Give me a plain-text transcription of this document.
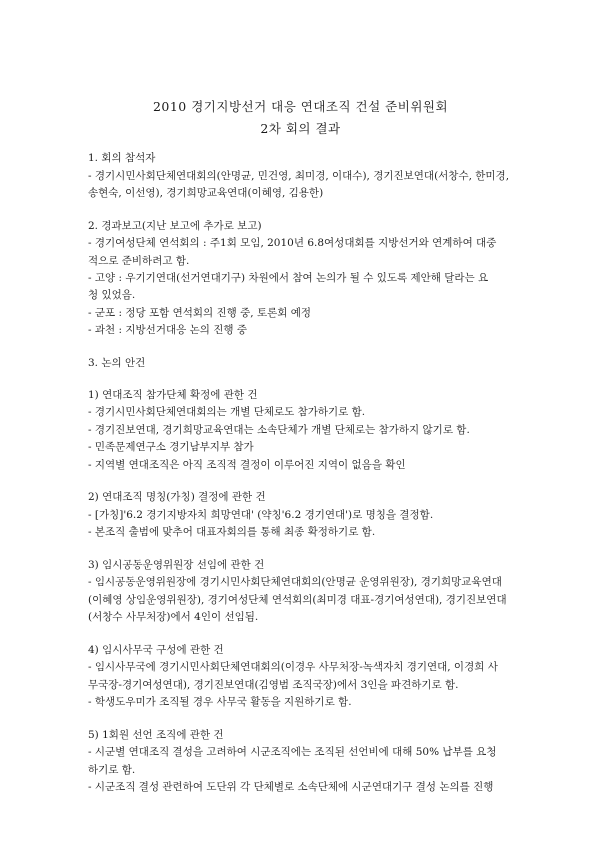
2010 경기지방선거 대응 연대조직 건설 준비위원회
2차 회의 결과

1. 회의 참석자

- 경기시민사회단체연대회의(안명균, 민건영, 최미경, 이대수), 경기진보연대(서창수, 한미경,

송현숙, 이선영), 경기희망교육연대(이혜영, 김용한)

2. 경과보고(지난 보고에 추가로 보고)

- 경기여성단체 연석회의 : 주1회 모임, 2010년 6.8여성대회를 지방선거와 연계하여 대중

적으로 준비하려고 함.

- 고양 : 우기기연대(선거연대기구) 차원에서 참여 논의가 될 수 있도록 제안해 달라는 요

청 있었음.

- 군포 : 정당 포함 연석회의 진행 중, 토론회 예정

- 과천 : 지방선거대응 논의 진행 중

3. 논의 안건

1) 연대조직 참가단체 확정에 관한 건

- 경기시민사회단체연대회의는 개별 단체로도 참가하기로 함.

- 경기진보연대, 경기희망교육연대는 소속단체가 개별 단체로는 참가하지 않기로 함.

- 민족문제연구소 경기남부지부 참가

- 지역별 연대조직은 아직 조직적 결정이 이루어진 지역이 없음을 확인

2) 연대조직 명칭(가칭) 결정에 관한 건

- [가칭]'6.2 경기지방자치 희망연대' (약칭'6.2 경기연대')로 명칭을 결정함.

- 본조직 출범에 맞추어 대표자회의를 통해 최종 확정하기로 함.

3) 임시공동운영위원장 선임에 관한 건

- 임시공동운영위원장에 경기시민사회단체연대회의(안명균 운영위원장), 경기희망교육연대

(이혜영 상임운영위원장), 경기여성단체 연석회의(최미경 대표-경기여성연대), 경기진보연대

(서창수 사무처장)에서 4인이 선임됨.

4) 임시사무국 구성에 관한 건

- 임시사무국에 경기시민사회단체연대회의(이경우 사무처장-녹색자치 경기연대, 이경희 사

무국장-경기여성연대), 경기진보연대(김영범 조직국장)에서 3인을 파견하기로 함.

- 학생도우미가 조직될 경우 사무국 활동을 지원하기로 함.

5) 1회원 선언 조직에 관한 건

- 시군별 연대조직 결성을 고려하여 시군조직에는 조직된 선언비에 대해 50% 납부를 요청

하기로 함.

- 시군조직 결성 관련하여 도단위 각 단체별로 소속단체에 시군연대기구 결성 논의를 진행
